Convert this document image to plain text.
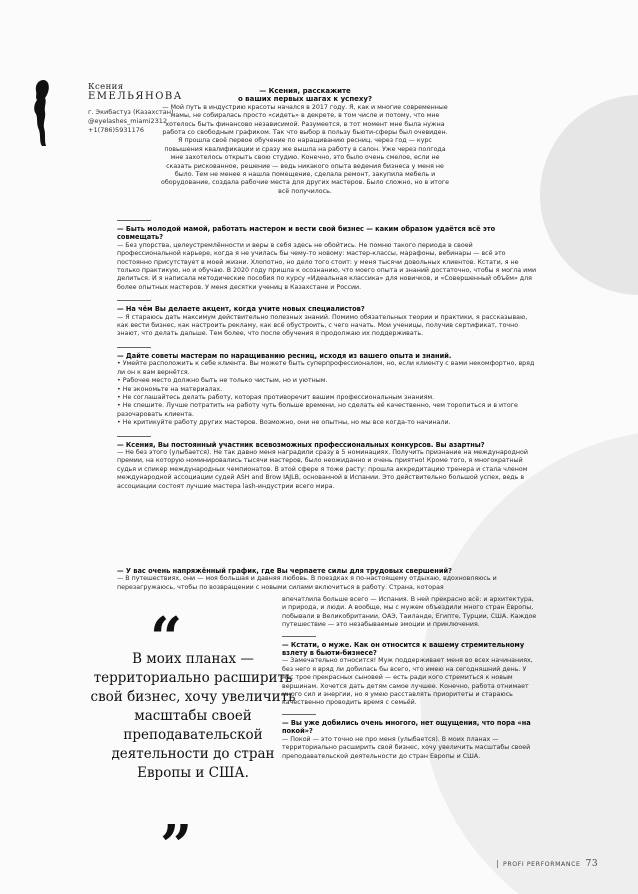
Ксения
ЕМЕЛЬЯНОВА
г. Экибастуз (Казахстан)
@eyelashes_miami2312
+1(786)5931176
— Ксения, расскажите
о ваших первых шагах к успеху?

— Мой путь в индустрию красоты начался в 2017 году. Я, как и многие современные мамы, не собиралась просто «сидеть» в декрете, в том числе и потому, что мне хотелось быть финансово независимой. Разумеется, в тот момент мне была нужна работа со свободным графиком. Так что выбор в пользу бьюти-сферы был очевиден. Я прошла своё первое обучение по наращиванию ресниц, через год — курс повышения квалификации и сразу же вышла на работу в салон. Уже через полгода мне захотелось открыть свою студию. Конечно, это было очень смелое, если не сказать рискованное, решение — ведь никакого опыта ведения бизнеса у меня не было. Тем не менее я нашла помещение, сделала ремонт, закупила мебель и оборудование, создала рабочие места для других мастеров. Было сложно, но в итоге всё получилось.

— Быть молодой мамой, работать мастером и вести свой бизнес — каким образом удаётся всё это совмещать?

— Без упорства, целеустремлённости и веры в себя здесь не обойтись. Не помню такого периода в своей профессиональной карьере, когда я не училась бы чему-то новому: мастер-классы, марафоны, вебинары — всё это постоянно присутствует в моей жизни. Хлопотно, но дело того стоит: у меня тысячи довольных клиентов. Кстати, я не только практикую, но и обучаю. В 2020 году пришла к осознанию, что моего опыта и знаний достаточно, чтобы я могла ими делиться. И я написала методические пособия по курсу «Идеальная классика» для новичков, и «Совершенный объём» для более опытных мастеров. У меня десятки учениц в Казахстане и России.

— На чём Вы делаете акцент, когда учите новых специалистов?

— Я стараюсь дать максимум действительно полезных знаний. Помимо обязательных теории и практики, я рассказываю, как вести бизнес, как настроить рекламу, как всё обустроить, с чего начать. Мои ученицы, получив сертификат, точно знают, что делать дальше. Тем более, что после обучения я продолжаю их поддерживать.

— Дайте советы мастерам по наращиванию ресниц, исходя из вашего опыта и знаний.

• Умейте расположить к себе клиента. Вы можете быть суперпрофессионалом, но, если клиенту с вами некомфортно, вряд ли он к вам вернётся.

• Рабочее место должно быть не только чистым, но и уютным.

• Не экономьте на материалах.

• Не соглашайтесь делать работу, которая противоречит вашим профессиональным знаниям.

• Не спешите. Лучше потратить на работу чуть больше времени, но сделать её качественно, чем торопиться и в итоге разочаровать клиента.

• Не критикуйте работу других мастеров. Возможно, они не опытны, но мы все когда-то начинали.

— Ксения, Вы постоянный участник всевозможных профессиональных конкурсов. Вы азартны?

— Не без этого (улыбается). Не так давно меня наградили сразу в 5 номинациях. Получить признание на международной премии, на которую номинировались тысячи мастеров, было неожиданно и очень приятно! Кроме того, я многократный судья и спикер международных чемпионатов. В этой сфере я тоже расту: прошла аккредитацию тренера и стала членом международной ассоциации судей ASH and Brow IAJLB, основанной в Испании. Это действительно большой успех, ведь в ассоциации состоят лучшие мастера lash-индустрии всего мира.

— У вас очень напряжённый график, где Вы черпаете силы для трудовых свершений?

— В путешествиях, они — моя большая и давняя любовь. В поездках я по-настоящему отдыхаю, вдохновляюсь и перезагружаюсь, чтобы по возвращении с новыми силами включиться в работу. Страна, которая

впечатлила больше всего — Испания. В ней прекрасно всё: и архитектура, и природа, и люди. А вообще, мы с мужем объездили много стран Европы, побывали в Великобритании, ОАЭ, Таиланде, Египте, Турции, США. Каждое путешествие — это незабываемые эмоции и приключения.

— Кстати, о муже. Как он относится к вашему стремительному взлету в бьюти-бизнесе?

— Замечательно относится! Муж поддерживает меня во всех начинаниях, без него я вряд ли добилась бы всего, что имею на сегодняшний день. У нас трое прекрасных сыновей — есть ради кого стремиться к новым вершинам. Хочется дать детям самое лучшее. Конечно, работа отнимает много сил и энергии, но я умею расставлять приоритеты и стараюсь качественно проводить время с семьёй.

— Вы уже добились очень многого, нет ощущения, что пора «на покой»?

— Покой — это точно не про меня (улыбается). В моих планах — территориально расширить свой бизнес, хочу увеличить масштабы своей преподавательской деятельности до стран Европы и США.

“
В моих планах — территориально расширить свой бизнес, хочу увеличить масштабы своей преподавательской деятельности до стран Европы и США.
”	PROFI PERFORMANCE 73
